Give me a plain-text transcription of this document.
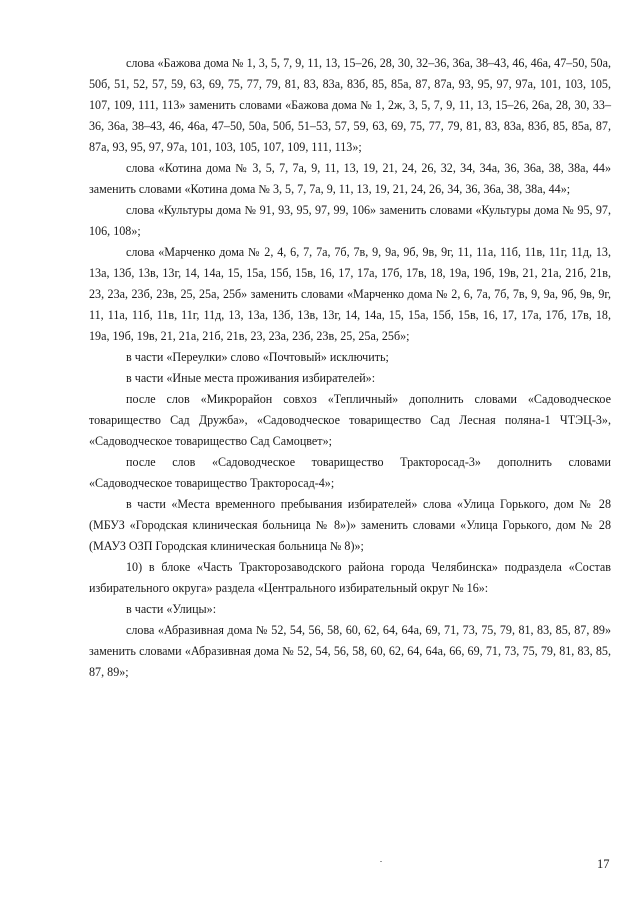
слова «Бажова дома № 1, 3, 5, 7, 9, 11, 13, 15–26, 28, 30, 32–36, 36а, 38–43, 46, 46а, 47–50, 50а, 50б, 51, 52, 57, 59, 63, 69, 75, 77, 79, 81, 83, 83а, 83б, 85, 85а, 87, 87а, 93, 95, 97, 97а, 101, 103, 105, 107, 109, 111, 113» заменить словами «Бажова дома № 1, 2ж, 3, 5, 7, 9, 11, 13, 15–26, 26а, 28, 30, 33–36, 36а, 38–43, 46, 46а, 47–50, 50а, 50б, 51–53, 57, 59, 63, 69, 75, 77, 79, 81, 83, 83а, 83б, 85, 85а, 87, 87а, 93, 95, 97, 97а, 101, 103, 105, 107, 109, 111, 113»;

слова «Котина дома № 3, 5, 7, 7а, 9, 11, 13, 19, 21, 24, 26, 32, 34, 34а, 36, 36а, 38, 38а, 44» заменить словами «Котина дома № 3, 5, 7, 7а, 9, 11, 13, 19, 21, 24, 26, 34, 36, 36а, 38, 38а, 44»;

слова «Культуры дома № 91, 93, 95, 97, 99, 106» заменить словами «Культуры дома № 95, 97, 106, 108»;

слова «Марченко дома № 2, 4, 6, 7, 7а, 7б, 7в, 9, 9а, 9б, 9в, 9г, 11, 11а, 11б, 11в, 11г, 11д, 13, 13а, 13б, 13в, 13г, 14, 14а, 15, 15а, 15б, 15в, 16, 17, 17а, 17б, 17в, 18, 19а, 19б, 19в, 21, 21а, 21б, 21в, 23, 23а, 23б, 23в, 25, 25а, 25б» заменить словами «Марченко дома № 2, 6, 7а, 7б, 7в, 9, 9а, 9б, 9в, 9г, 11, 11а, 11б, 11в, 11г, 11д, 13, 13а, 13б, 13в, 13г, 14, 14а, 15, 15а, 15б, 15в, 16, 17, 17а, 17б, 17в, 18, 19а, 19б, 19в, 21, 21а, 21б, 21в, 23, 23а, 23б, 23в, 25, 25а, 25б»;

в части «Переулки» слово «Почтовый» исключить;

в части «Иные места проживания избирателей»:

после слов «Микрорайон совхоз «Тепличный» дополнить словами «Садоводческое товарищество Сад Дружба», «Садоводческое товарищество Сад Лесная поляна-1 ЧТЭЦ-3», «Садоводческое товарищество Сад Самоцвет»;

после слов «Садоводческое товарищество Тракторосад-3» дополнить словами «Садоводческое товарищество Тракторосад-4»;

в части «Места временного пребывания избирателей» слова «Улица Горького, дом № 28 (МБУЗ «Городская клиническая больница № 8»)» заменить словами «Улица Горького, дом № 28 (МАУЗ ОЗП Городская клиническая больница № 8)»;

10) в блоке «Часть Тракторозаводского района города Челябинска» подраздела «Состав избирательного округа» раздела «Центрального избирательный округ № 16»:

в части «Улицы»:

слова «Абразивная дома № 52, 54, 56, 58, 60, 62, 64, 64а, 69, 71, 73, 75, 79, 81, 83, 85, 87, 89» заменить словами «Абразивная дома № 52, 54, 56, 58, 60, 62, 64, 64а, 66, 69, 71, 73, 75, 79, 81, 83, 85, 87, 89»;

17
